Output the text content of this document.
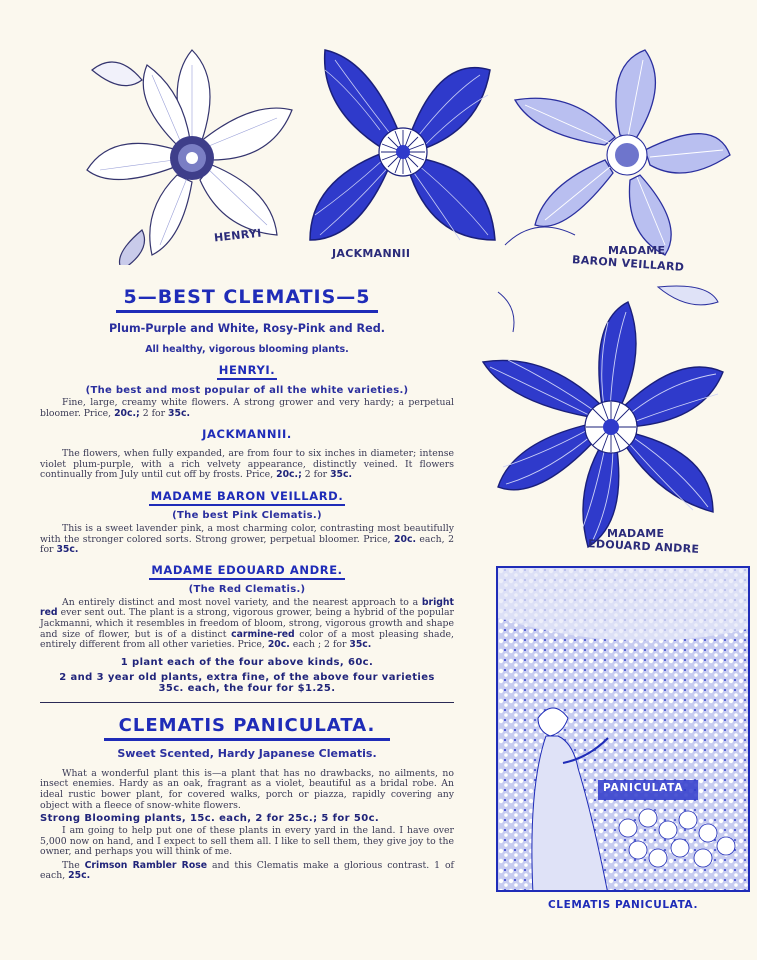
HENRYI
JACKMANNII	MADAME
BARON VEILLARD
MADAME
EDOUARD ANDRE
PANICULATA
CLEMATIS PANICULATA.
5—BEST CLEMATIS—5
Plum-Purple and White, Rosy-Pink and Red.
All healthy, vigorous blooming plants.
HENRYI.
(The best and most popular of all the white varieties.)

Fine, large, creamy white flowers. A strong grower and very hardy; a perpetual bloomer. Price, 20c.; 2 for 35c.

JACKMANNII.

The flowers, when fully expanded, are from four to six inches in diameter; intense violet plum-purple, with a rich velvety appearance, distinctly veined. It flowers continually from July until cut off by frosts. Price, 20c.; 2 for 35c.

MADAME BARON VEILLARD.
(The best Pink Clematis.)

This is a sweet lavender pink, a most charming color, contrasting most beautifully with the stronger colored sorts. Strong grower, perpetual bloomer. Price, 20c. each, 2 for 35c.

MADAME EDOUARD ANDRE.
(The Red Clematis.)

An entirely distinct and most novel variety, and the nearest approach to a bright red ever sent out. The plant is a strong, vigorous grower, being a hybrid of the popular Jackmanni, which it resembles in freedom of bloom, strong, vigorous growth and shape and size of flower, but is of a distinct carmine-red color of a most pleasing shade, entirely different from all other varieties. Price, 20c. each ; 2 for 35c.

1 plant each of the four above kinds, 60c.
2 and 3 year old plants, extra fine, of the above four varieties 35c. each, the four for $1.25.
CLEMATIS PANICULATA.
Sweet Scented, Hardy Japanese Clematis.

What a wonderful plant this is—a plant that has no drawbacks, no ailments, no insect enemies. Hardy as an oak, fragrant as a violet, beautiful as a bridal robe. An ideal rustic bower plant, for covered walks, porch or piazza, rapidly covering any object with a fleece of snow-white flowers.

Strong Blooming plants, 15c. each, 2 for 25c.; 5 for 50c.

I am going to help put one of these plants in every yard in the land. I have over 5,000 now on hand, and I expect to sell them all. I like to sell them, they give joy to the owner, and perhaps you will think of me.

The Crimson Rambler Rose and this Clematis make a glorious contrast. 1 of each, 25c.
